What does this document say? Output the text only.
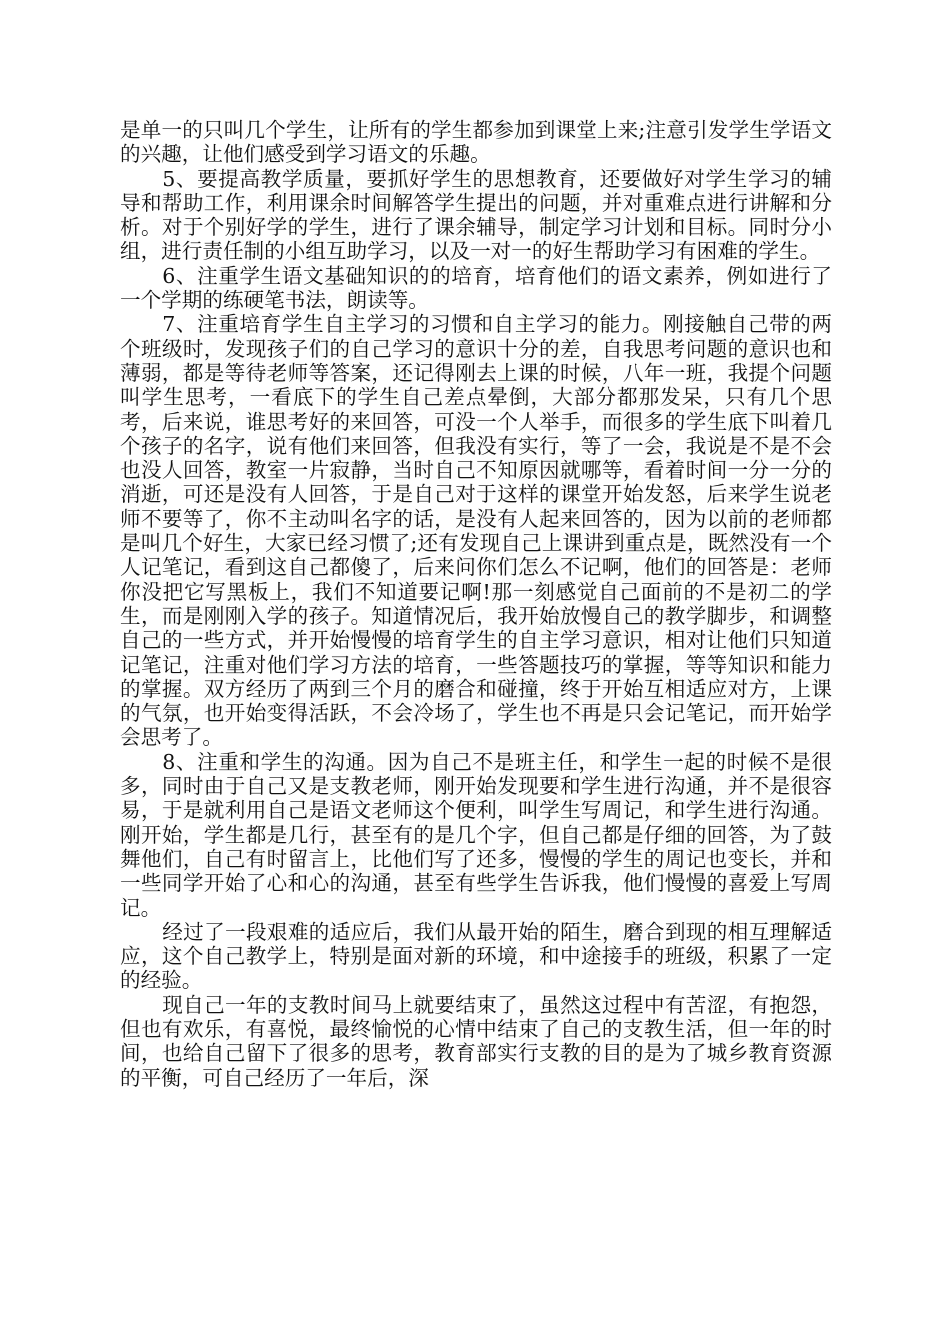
是单一的只叫几个学生，让所有的学生都参加到课堂上来;注意引发学生学语文的兴趣，让他们感受到学习语文的乐趣。

5、要提高教学质量，要抓好学生的思想教育，还要做好对学生学习的辅导和帮助工作，利用课余时间解答学生提出的问题，并对重难点进行讲解和分析。对于个别好学的学生，进行了课余辅导，制定学习计划和目标。同时分小组，进行责任制的小组互助学习，以及一对一的好生帮助学习有困难的学生。

6、注重学生语文基础知识的的培育，培育他们的语文素养，例如进行了一个学期的练硬笔书法，朗读等。

7、注重培育学生自主学习的习惯和自主学习的能力。刚接触自己带的两个班级时，发现孩子们的自己学习的意识十分的差，自我思考问题的意识也和薄弱，都是等待老师等答案，还记得刚去上课的时候，八年一班，我提个问题叫学生思考，一看底下的学生自己差点晕倒，大部分都那发呆，只有几个思考，后来说，谁思考好的来回答，可没一个人举手，而很多的学生底下叫着几个孩子的名字，说有他们来回答，但我没有实行，等了一会，我说是不是不会也没人回答，教室一片寂静，当时自己不知原因就哪等，看着时间一分一分的消逝，可还是没有人回答，于是自己对于这样的课堂开始发怒，后来学生说老师不要等了，你不主动叫名字的话，是没有人起来回答的，因为以前的老师都是叫几个好生，大家已经习惯了;还有发现自己上课讲到重点是，既然没有一个人记笔记，看到这自己都傻了，后来问你们怎么不记啊，他们的回答是：老师你没把它写黑板上，我们不知道要记啊!那一刻感觉自己面前的不是初二的学生，而是刚刚入学的孩子。知道情况后，我开始放慢自己的教学脚步，和调整自己的一些方式，并开始慢慢的培育学生的自主学习意识，相对让他们只知道记笔记，注重对他们学习方法的培育，一些答题技巧的掌握，等等知识和能力的掌握。双方经历了两到三个月的磨合和碰撞，终于开始互相适应对方，上课的气氛，也开始变得活跃，不会冷场了，学生也不再是只会记笔记，而开始学会思考了。

8、注重和学生的沟通。因为自己不是班主任，和学生一起的时候不是很多，同时由于自己又是支教老师，刚开始发现要和学生进行沟通，并不是很容易，于是就利用自己是语文老师这个便利，叫学生写周记，和学生进行沟通。刚开始，学生都是几行，甚至有的是几个字，但自己都是仔细的回答，为了鼓舞他们，自己有时留言上，比他们写了还多，慢慢的学生的周记也变长，并和一些同学开始了心和心的沟通，甚至有些学生告诉我，他们慢慢的喜爱上写周记。

经过了一段艰难的适应后，我们从最开始的陌生，磨合到现的相互理解适应，这个自己教学上，特别是面对新的环境，和中途接手的班级，积累了一定的经验。

现自己一年的支教时间马上就要结束了，虽然这过程中有苦涩，有抱怨，但也有欢乐，有喜悦，最终愉悦的心情中结束了自己的支教生活，但一年的时间，也给自己留下了很多的思考，教育部实行支教的目的是为了城乡教育资源的平衡，可自己经历了一年后，深
